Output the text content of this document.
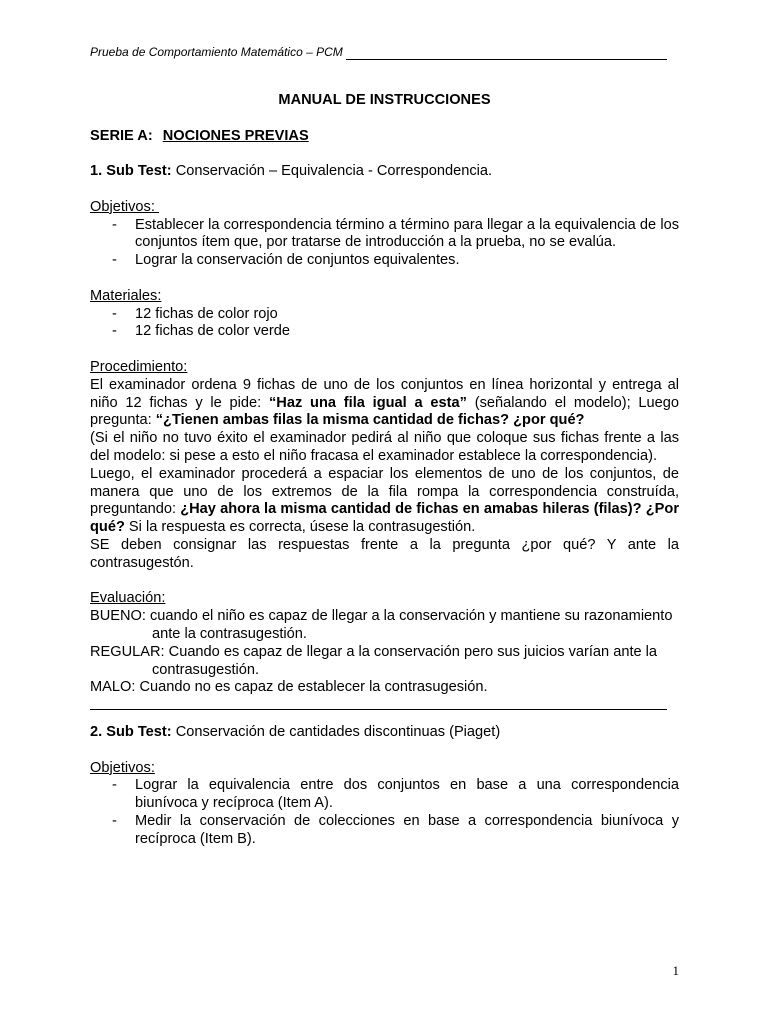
Prueba de Comportamiento Matemático – PCM
MANUAL DE INSTRUCCIONES
SERIE A: NOCIONES PREVIAS
1. Sub Test: Conservación – Equivalencia - Correspondencia.
Objetivos:
- Establecer la correspondencia término a término para llegar a la equivalencia de los conjuntos ítem que, por tratarse de introducción a la prueba, no se evalúa.
- Lograr la conservación de conjuntos equivalentes.
Materiales:
- 12 fichas de color rojo
- 12 fichas de color verde
Procedimiento:
El examinador ordena 9 fichas de uno de los conjuntos en línea horizontal y entrega al niño 12 fichas y le pide: “Haz una fila igual a esta” (señalando el modelo); Luego pregunta: “¿Tienen ambas filas la misma cantidad de fichas? ¿por qué?
(Si el niño no tuvo éxito el examinador pedirá al niño que coloque sus fichas frente a las del modelo: si pese a esto el niño fracasa el examinador establece la correspondencia).
Luego, el examinador procederá a espaciar los elementos de uno de los conjuntos, de manera que uno de los extremos de la fila rompa la correspondencia construída, preguntando: ¿Hay ahora la misma cantidad de fichas en amabas hileras (filas)? ¿Por qué? Si la respuesta es correcta, úsese la contrasugestión.
SE deben consignar las respuestas frente a la pregunta ¿por qué? Y ante la contrasugestón.
Evaluación:
BUENO: cuando el niño es capaz de llegar a la conservación y mantiene su razonamiento ante la contrasugestión.
REGULAR: Cuando es capaz de llegar a la conservación pero sus juicios varían ante la contrasugestión.
MALO: Cuando no es capaz de establecer la contrasugesión.
2. Sub Test: Conservación de cantidades discontinuas (Piaget)
Objetivos:
- Lograr la equivalencia entre dos conjuntos en base a una correspondencia biunívoca y recíproca (Item A).
- Medir la conservación de colecciones en base a correspondencia biunívoca y recíproca (Item B).
1
